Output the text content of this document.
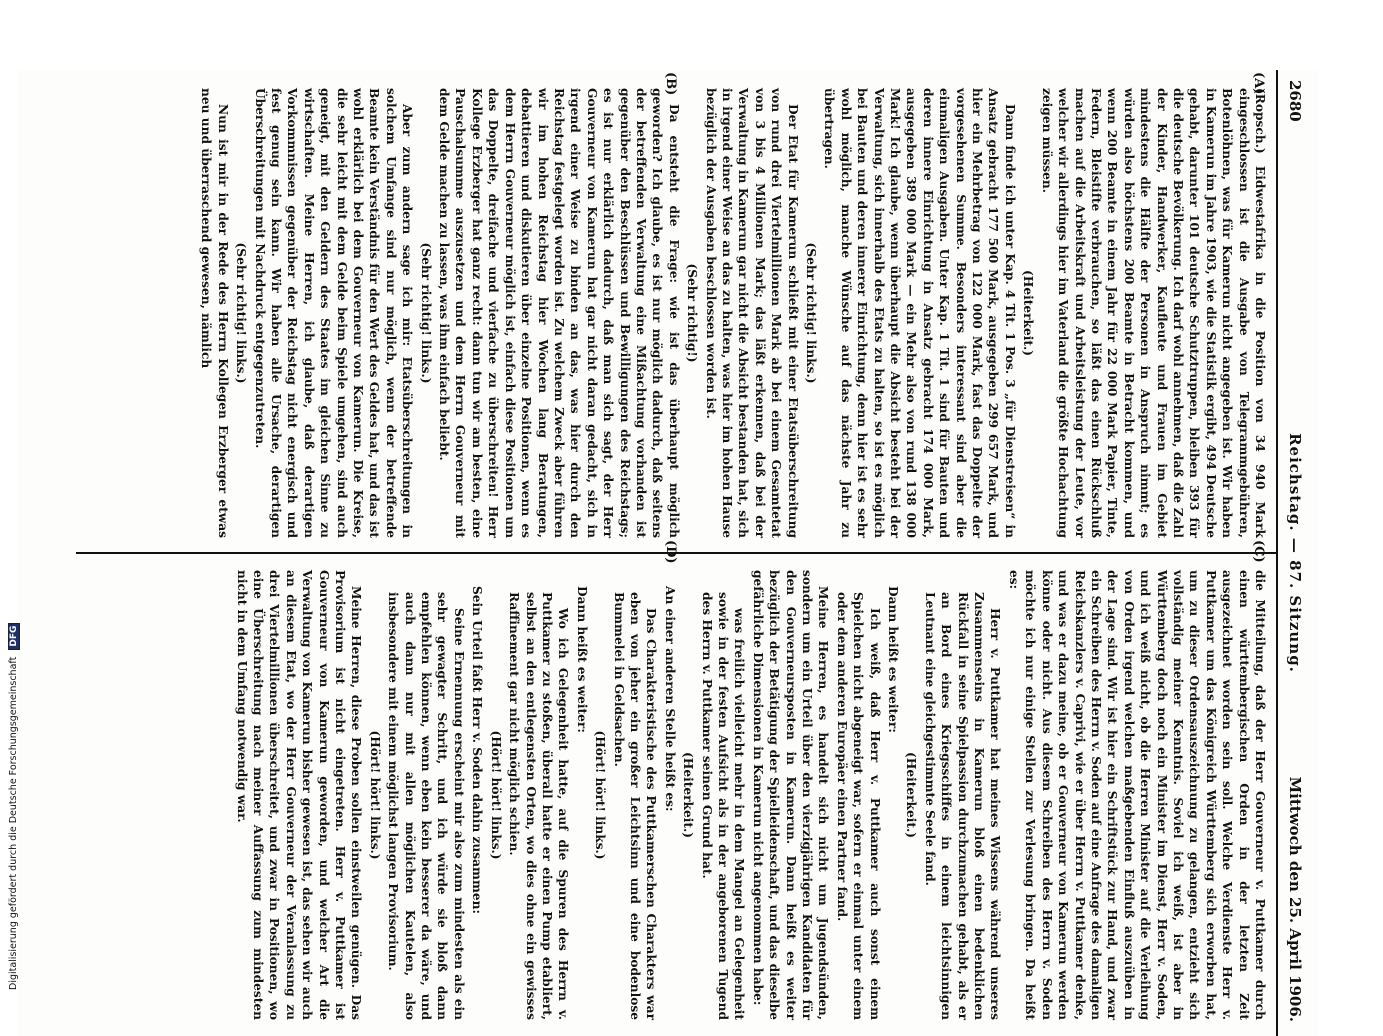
2680
Reichstag. — 87. Sitzung.
Mittwoch den 25. April 1906.
(A)
(B)
(C)
(D)

(Ropsch.) Eidwestafrika in die Position von 34 940 Mark eingeschlossen ist die Ausgabe von Telegrammgebühren, Botenlöhnen, was für Kamerun nicht angegeben ist. Wir haben in Kamerun im Jahre 1903, wie die Statistik ergibt, 494 Deutsche gehabt, darunter 101 deutsche Schutztruppen, bleiben 393 für die deutsche Bevölkerung. Ich darf wohl annehmen, daß die Zahl der Kinder, Handwerker, Kaufleute und Frauen im Gebiet mindestens die Hälfte der Personen in Anspruch nimmt; es würden also höchstens 200 Beamte in Betracht kommen, und wenn 200 Beamte in einem Jahr für 22 000 Mark Papier, Tinte, Federn, Bleistifte verbrauchen, so läßt das einen Rückschluß machen auf die Arbeitskraft und Arbeitsleistung der Leute, vor welcher wir allerdings hier im Vaterland die größte Hochachtung zeigen müssen.

(Heiterkeit.)

Dann finde ich unter Kap. 4 Tit. 1 Pos. 3 „für Dienstreisen“ in Ansatz gebracht 177 500 Mark, ausgegeben 299 657 Mark, und hier ein Mehrbetrag von 122 000 Mark, fast das Doppelte der vorgesehenen Summe. Besonders interessant sind aber die einmaligen Ausgaben. Unter Kap. 1 Tit. 1 sind für Bauten und deren innere Einrichtung in Ansatz gebracht 174 000 Mark, ausgegeben 389 000 Mark — ein Mehr also von rund 138 000 Mark! Ich glaube, wenn überhaupt die Absicht besteht bei der Verwaltung, sich innerhalb des Etats zu halten, so ist es möglich bei Bauten und deren innerer Einrichtung, denn hier ist es sehr wohl möglich, manche Wünsche auf das nächste Jahr zu übertragen.

(Sehr richtig! links.)

Der Etat für Kamerun schließt mit einer Etatsüberschreitung von rund drei Viertelmillionen Mark ab bei einem Gesamtetat von 3 bis 4 Millionen Mark; das läßt erkennen, daß bei der Verwaltung in Kamerun gar nicht die Absicht bestanden hat, sich in irgend einer Weise an das zu halten, was hier im hohen Hause bezüglich der Ausgaben beschlossen worden ist.

(Sehr richtig!)

Da entsteht die Frage: wie ist das überhaupt möglich geworden? Ich glaube, es ist nur möglich dadurch, daß seitens der betreffenden Verwaltung eine Mißachtung vorhanden ist gegenüber den Beschlüssen und Bewilligungen des Reichstags; es ist nur erklärlich dadurch, daß man sich sagt, der Herr Gouverneur von Kamerun hat gar nicht daran gedacht, sich in irgend einer Weise zu binden an das, was hier durch den Reichstag festgelegt worden ist. Zu welchem Zweck aber führen wir im hohen Reichstag hier Wochen lang Beratungen, debattieren und diskutieren über einzelne Positionen, wenn es dem Herrn Gouverneur möglich ist, einfach diese Positionen um das Doppelte, dreifache und vierfache zu überschreiten! Herr Kollege Erzberger hat ganz recht: dann tun wir am besten, eine Pauschalsumme auszusetzen und dem Herrn Gouverneur mit dem Gelde machen zu lassen, was ihm einfach beliebt.

(Sehr richtig! links.)

Aber zum andern sage ich mir: Etatsüberschreitungen in solchem Umfange sind nur möglich, wenn der betreffende Beamte kein Verständnis für den Wert des Geldes hat, und das ist wohl erklärlich bei dem Gouverneur von Kamerun. Die Kreise, die sehr leicht mit dem Gelde beim Spiele umgehen, sind auch geneigt, mit den Geldern des Staates im gleichen Sinne zu wirtschaften. Meine Herren, ich glaube, daß derartigen Vorkommnissen gegenüber der Reichstag nicht energisch und fest genug sein kann. Wir haben alle Ursache, derartigen Überschreitungen mit Nachdruck entgegenzutreten.

(Sehr richtig! links.)

Nun ist mir in der Rede des Herrn Kollegen Erzberger etwas neu und überraschend gewesen, nämlich

die Mitteilung, daß der Herr Gouverneur v. Puttkamer durch einen württembergischen Orden in der letzten Zeit ausgezeichnet worden sein soll. Welche Verdienste Herr v. Puttkamer um das Königreich Württemberg sich erworben hat, um zu dieser Ordensauszeichnung zu gelangen, entzieht sich vollständig meiner Kenntnis. Soviel ich weiß, ist aber in Württemberg doch noch ein Minister im Dienst, Herr v. Soden, und ich weiß nicht, ob die Herren Minister auf die Verleihung von Orden irgend welchen maßgebenden Einfluß auszuüben in der Lage sind. Wir ist hier ein Schriftstück zur Hand, und zwar ein Schreiben des Herrn v. Soden auf eine Anfrage des damaligen Reichskanzlers v. Caprivi, wie er über Herrn v. Puttkamer denke, und was er dazu meine, ob er Gouverneur von Kamerun werden könne oder nicht. Aus diesem Schreiben des Herrn v. Soden möchte ich nur einige Stellen zur Verlesung bringen. Da heißt es:

Herr v. Puttkamer hat meines Wissens während unseres Zusammenseins in Kamerun bloß einen bedenklichen Rückfall in seine Spielpassion durchzumachen gehabt, als er an Bord eines Kriegsschiffes in einem leichtsinnigen Leutnant eine gleichgestimmte Seele fand.

(Heiterkeit.)

Dann heißt es weiter:

Ich weiß, daß Herr v. Puttkamer auch sonst einem Spielchen nicht abgeneigt war, sofern er einmal unter einem oder dem anderen Europäer einen Partner fand.

Meine Herren, es handelt sich nicht um Jugendsünden, sondern um ein Urteil über den vierzigjährigen Kandidaten für den Gouverneursposten in Kamerun. Dann heißt es weiter bezüglich der Betätigung der Spielleidenschaft, und das dieselbe gefährliche Dimensionen in Kamerun nicht angenommen habe:

was freilich vielleicht mehr in dem Mangel an Gelegenheit sowie in der festen Aufsicht als in der angeborenen Tugend des Herrn v. Puttkamer seinen Grund hat.

(Heiterkeit.)

An einer anderen Stelle heißt es:

Das Charakteristische des Puttkamerschen Charakters war eben von jeher ein großer Leichtsinn und eine bodenlose Bummelei in Geldsachen.

(Hört! hört! links.)

Dann heißt es weiter:

Wo ich Gelegenheit hatte, auf die Spuren des Herrn v. Puttkamer zu stoßen, überall hatte er einen Pump etabliert, selbst an den entlegensten Orten, wo dies ohne ein gewisses Raffinement gar nicht möglich schien.

(Hört! hört! links.)

Sein Urteil faßt Herr v. Soden dahin zusammen:

Seine Ernennung erscheint mir also zum mindesten als ein sehr gewagter Schritt, und ich würde sie bloß dann empfehlen können, wenn eben kein besserer da wäre, und auch dann nur mit allen möglichen Kautelen, also insbesondere mit einem möglichst langen Provisorium.

(Hört! hört! links.)

Meine Herren, diese Proben sollen einstweilen genügen. Das Provisorium ist nicht eingetreten. Herr v. Puttkamer ist Gouverneur von Kamerun geworden, und welcher Art die Verwaltung von Kamerun bisher gewesen ist, das sehen wir auch an diesem Etat, wo der Herr Gouverneur der Veranlassung zu drei Viertelmillionen überschreitet, und zwar in Positionen, wo eine Überschreitung nach meiner Auffassung zum mindesten nicht in dem Umfang notwendig war.

Digitalisierung gefördert durch die Deutsche Forschungsgemeinschaft DFG
